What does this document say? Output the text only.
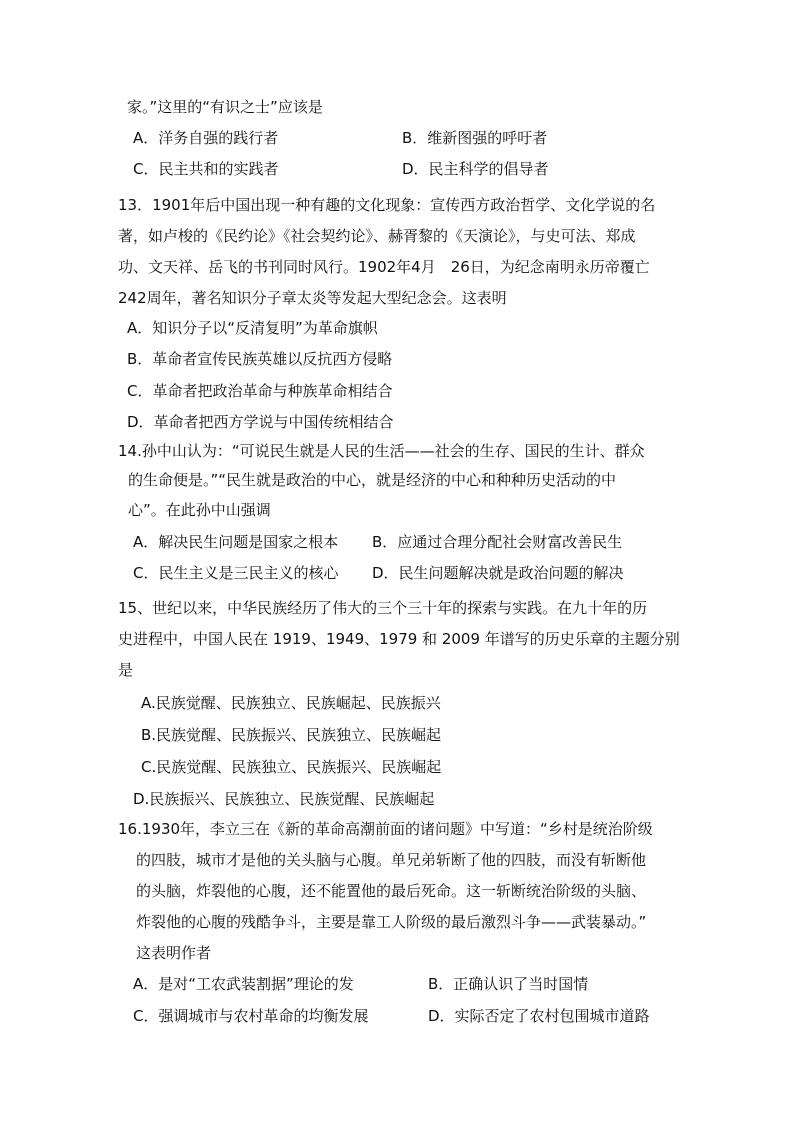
家。”这里的“有识之士”应该是
A．洋务自强的践行者	B．维新图强的呼吁者
C．民主共和的实践者	D．民主科学的倡导者
13．1901年后中国出现一种有趣的文化现象：宣传西方政治哲学、文化学说的名
著，如卢梭的《民约论》《社会契约论》、赫胥黎的《天演论》，与史可法、郑成
功、文天祥、岳飞的书刊同时风行。1902年4月　26日，为纪念南明永历帝覆亡
242周年，著名知识分子章太炎等发起大型纪念会。这表明
A．知识分子以“反清复明”为革命旗帜
B．革命者宣传民族英雄以反抗西方侵略
C．革命者把政治革命与种族革命相结合
D．革命者把西方学说与中国传统相结合
14.孙中山认为：“可说民生就是人民的生活——社会的生存、国民的生计、群众
的生命便是。”“民生就是政治的中心，就是经济的中心和种种历史活动的中
心”。在此孙中山强调
A．解决民生问题是国家之根本 B．应通过合理分配社会财富改善民生
C．民生主义是三民主义的核心 D．民生问题解决就是政治问题的解决
15、世纪以来，中华民族经历了伟大的三个三十年的探索与实践。在九十年的历
史进程中，中国人民在 1919、1949、1979 和 2009 年谱写的历史乐章的主题分别
是
A.民族觉醒、民族独立、民族崛起、民族振兴
B.民族觉醒、民族振兴、民族独立、民族崛起
C.民族觉醒、民族独立、民族振兴、民族崛起
D.民族振兴、民族独立、民族觉醒、民族崛起
16.1930年，李立三在《新的革命高潮前面的诸问题》中写道：“乡村是统治阶级
的四肢，城市才是他的关头脑与心腹。单兄弟斩断了他的四肢，而没有斩断他
的头脑，炸裂他的心腹，还不能置他的最后死命。这一斩断统治阶级的头脑、
炸裂他的心腹的残酷争斗，主要是靠工人阶级的最后激烈斗争——武装暴动。”
这表明作者
A．是对“工农武装割据”理论的发	B．正确认识了当时国情
C．强调城市与农村革命的均衡发展	D．实际否定了农村包围城市道路
